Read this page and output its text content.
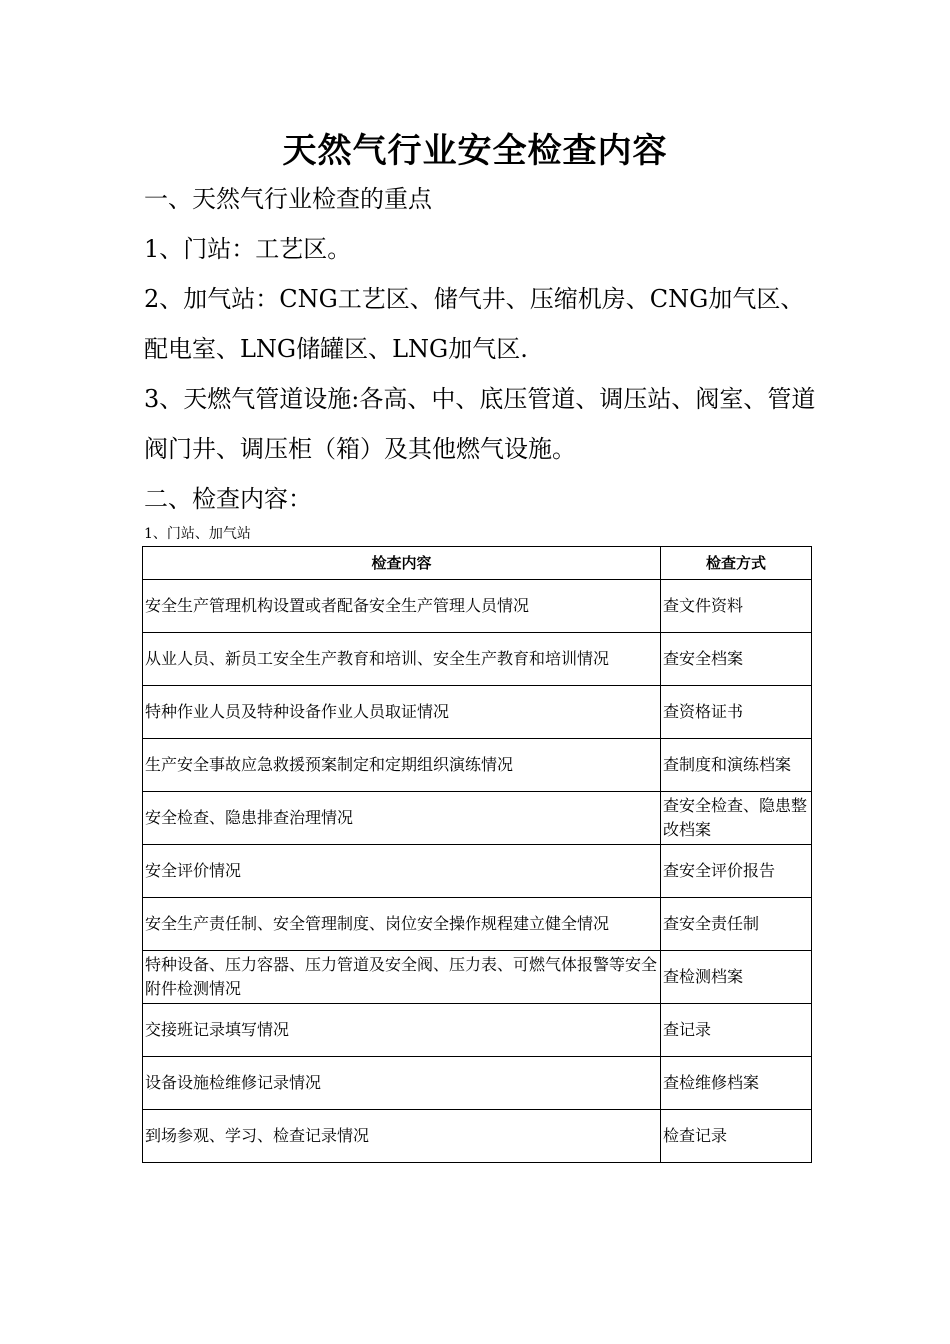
天然气行业安全检查内容

一、天然气行业检查的重点

1、门站：工艺区。

2、加气站：CNG工艺区、储气井、压缩机房、CNG加气区、配电室、LNG储罐区、LNG加气区.

3、天燃气管道设施:各高、中、底压管道、调压站、阀室、管道阀门井、调压柜（箱）及其他燃气设施。

二、检查内容：

1、门站、加气站
检查内容	检查方式
安全生产管理机构设置或者配备安全生产管理人员情况	查文件资料
从业人员、新员工安全生产教育和培训、安全生产教育和培训情况	查安全档案
特种作业人员及特种设备作业人员取证情况	查资格证书
生产安全事故应急救援预案制定和定期组织演练情况	查制度和演练档案
安全检查、隐患排查治理情况	查安全检查、隐患整改档案
安全评价情况	查安全评价报告
安全生产责任制、安全管理制度、岗位安全操作规程建立健全情况	查安全责任制
特种设备、压力容器、压力管道及安全阀、压力表、可燃气体报警等安全附件检测情况	查检测档案
交接班记录填写情况	查记录
设备设施检维修记录情况	查检维修档案
到场参观、学习、检查记录情况	检查记录
